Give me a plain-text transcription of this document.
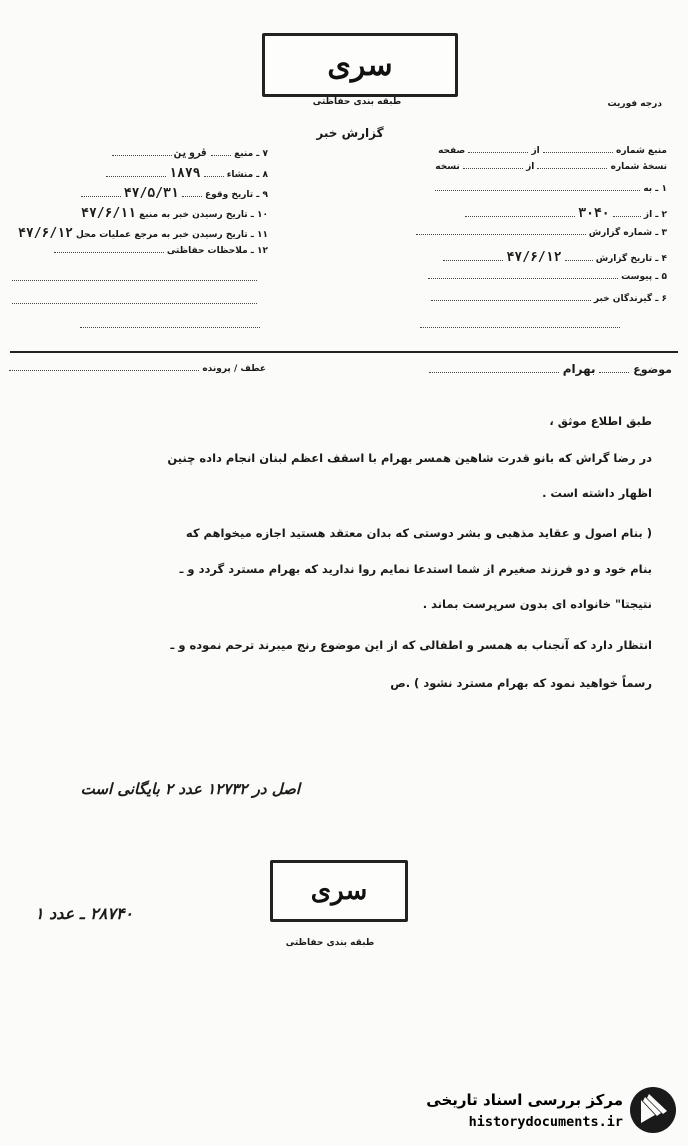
سری
طبقه بندی حفاظتی	درجه فوریت
گزارش خبر
منبع شماره  از  صفحه
نسخهٔ شماره  از  نسخه
۱ ـ به
۲ ـ از  ۳۰۴۰
۳ ـ شماره گزارش
۴ ـ تاریخ گزارش  ۴۷/۶/۱۲
۵ ـ پیوست
۶ ـ گیرندگان خبر
۷ ـ منبع  فروین
۸ ـ منشاء  ۱۸۷۹
۹ ـ تاریخ وقوع  ۴۷/۵/۳۱
۱۰ ـ تاریخ رسیدن خبر به منبع ۴۷/۶/۱۱
۱۱ ـ تاریخ رسیدن خبر به مرجع عملیات محل ۴۷/۶/۱۲
۱۲ ـ ملاحظات حفاظتی
موضوع  بهرام
عطف / پرونده
طبق اطلاع موثق ،
در رضا گراش که بانو قدرت شاهین همسر بهرام با اسقف اعظم لبنان انجام داده چنین
اظهار داشته است .
( بنام اصول و عقاید مذهبی و بشر دوستی که بدان معتقد هستید اجازه میخواهم که
بنام خود و دو فرزند صغیرم از شما استدعا نمایم روا ندارید که بهرام مسترد گردد و ـ
نتیجتا" خانواده ای بدون سرپرست بماند .
انتظار دارد که آنجناب به همسر و اطفالی که از این موضوع رنج میبرند ترحم نموده و ـ
رسماً خواهید نمود که بهرام مسترد نشود ) .ص
اصل در ۱۲۷۳۲ عدد ۲ بایگانی است
سری
طبقه بندی حفاظتی
۲۸۷۴۰ ـ عدد ۱
مرکز بررسی اسناد تاریخی
historydocuments.ir
